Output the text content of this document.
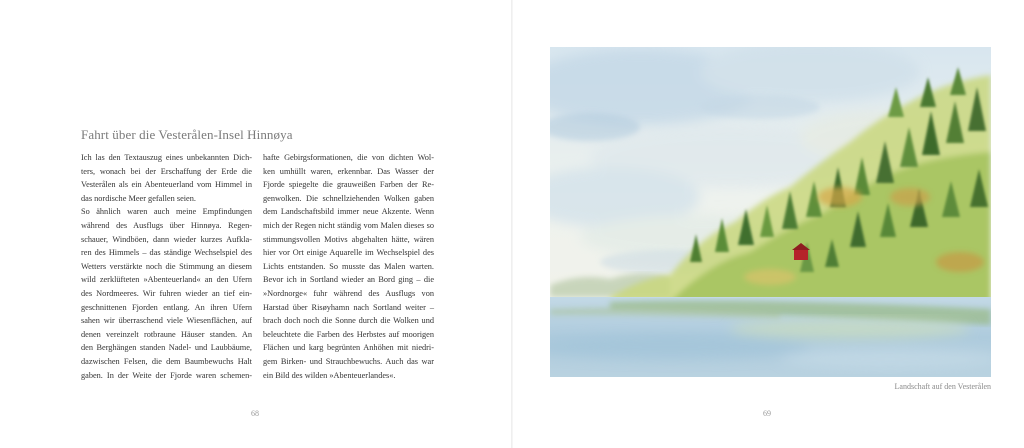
Fahrt über die Vesterålen-Insel Hinnøya
Ich las den Textauszug eines unbekannten Dich-
ters, wonach bei der Erschaffung der Erde die
Vesterålen als ein Abenteuerland vom Himmel in
das nordische Meer gefallen seien.
So ähnlich waren auch meine Empfindungen
während des Ausflugs über Hinnøya. Regen-
schauer, Windböen, dann wieder kurzes Aufkla-
ren des Himmels – das ständige Wechselspiel des
Wetters verstärkte noch die Stimmung an diesem
wild zerklüfteten »Abenteuerland« an den Ufern
des Nordmeeres. Wir fuhren wieder an tief ein-
geschnittenen Fjorden entlang. An ihren Ufern
sahen wir überraschend viele Wiesenflächen, auf
denen vereinzelt rotbraune Häuser standen. An
den Berghängen standen Nadel- und Laubbäume,
dazwischen Felsen, die dem Baumbewuchs Halt
gaben. In der Weite der Fjorde waren schemen-
hafte Gebirgsformationen, die von dichten Wol-
ken umhüllt waren, erkennbar. Das Wasser der
Fjorde spiegelte die grauweißen Farben der Re-
genwolken. Die schnellziehenden Wolken gaben
dem Landschaftsbild immer neue Akzente. Wenn
mich der Regen nicht ständig vom Malen dieses so
stimmungsvollen Motivs abgehalten hätte, wären
hier vor Ort einige Aquarelle im Wechselspiel des
Lichts entstanden. So musste das Malen warten.
Bevor ich in Sortland wieder an Bord ging – die
»Nordnorge« fuhr während des Ausflugs von
Harstad über Risøyhamn nach Sortland weiter –
brach doch noch die Sonne durch die Wolken und
beleuchtete die Farben des Herbstes auf moorigen
Flächen und karg begrünten Anhöhen mit niedri-
gem Birken- und Strauchbewuchs. Auch das war
ein Bild des wilden »Abenteuerlandes«.
68
Landschaft auf den Vesterålen
69
